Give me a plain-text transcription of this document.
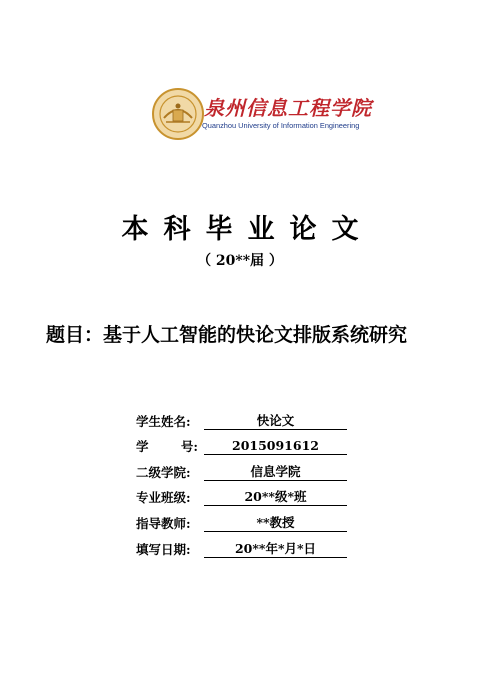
泉州信息工程学院
Quanzhou University of Information Engineering
本科毕业论文
（ 20**届 ）
题目：基于人工智能的快论文排版系统研究
学生姓名:	快论文
学	号:	2015091612
二级学院:	信息学院
专业班级:	20**级*班
指导教师:	**教授
填写日期:	20**年*月*日
